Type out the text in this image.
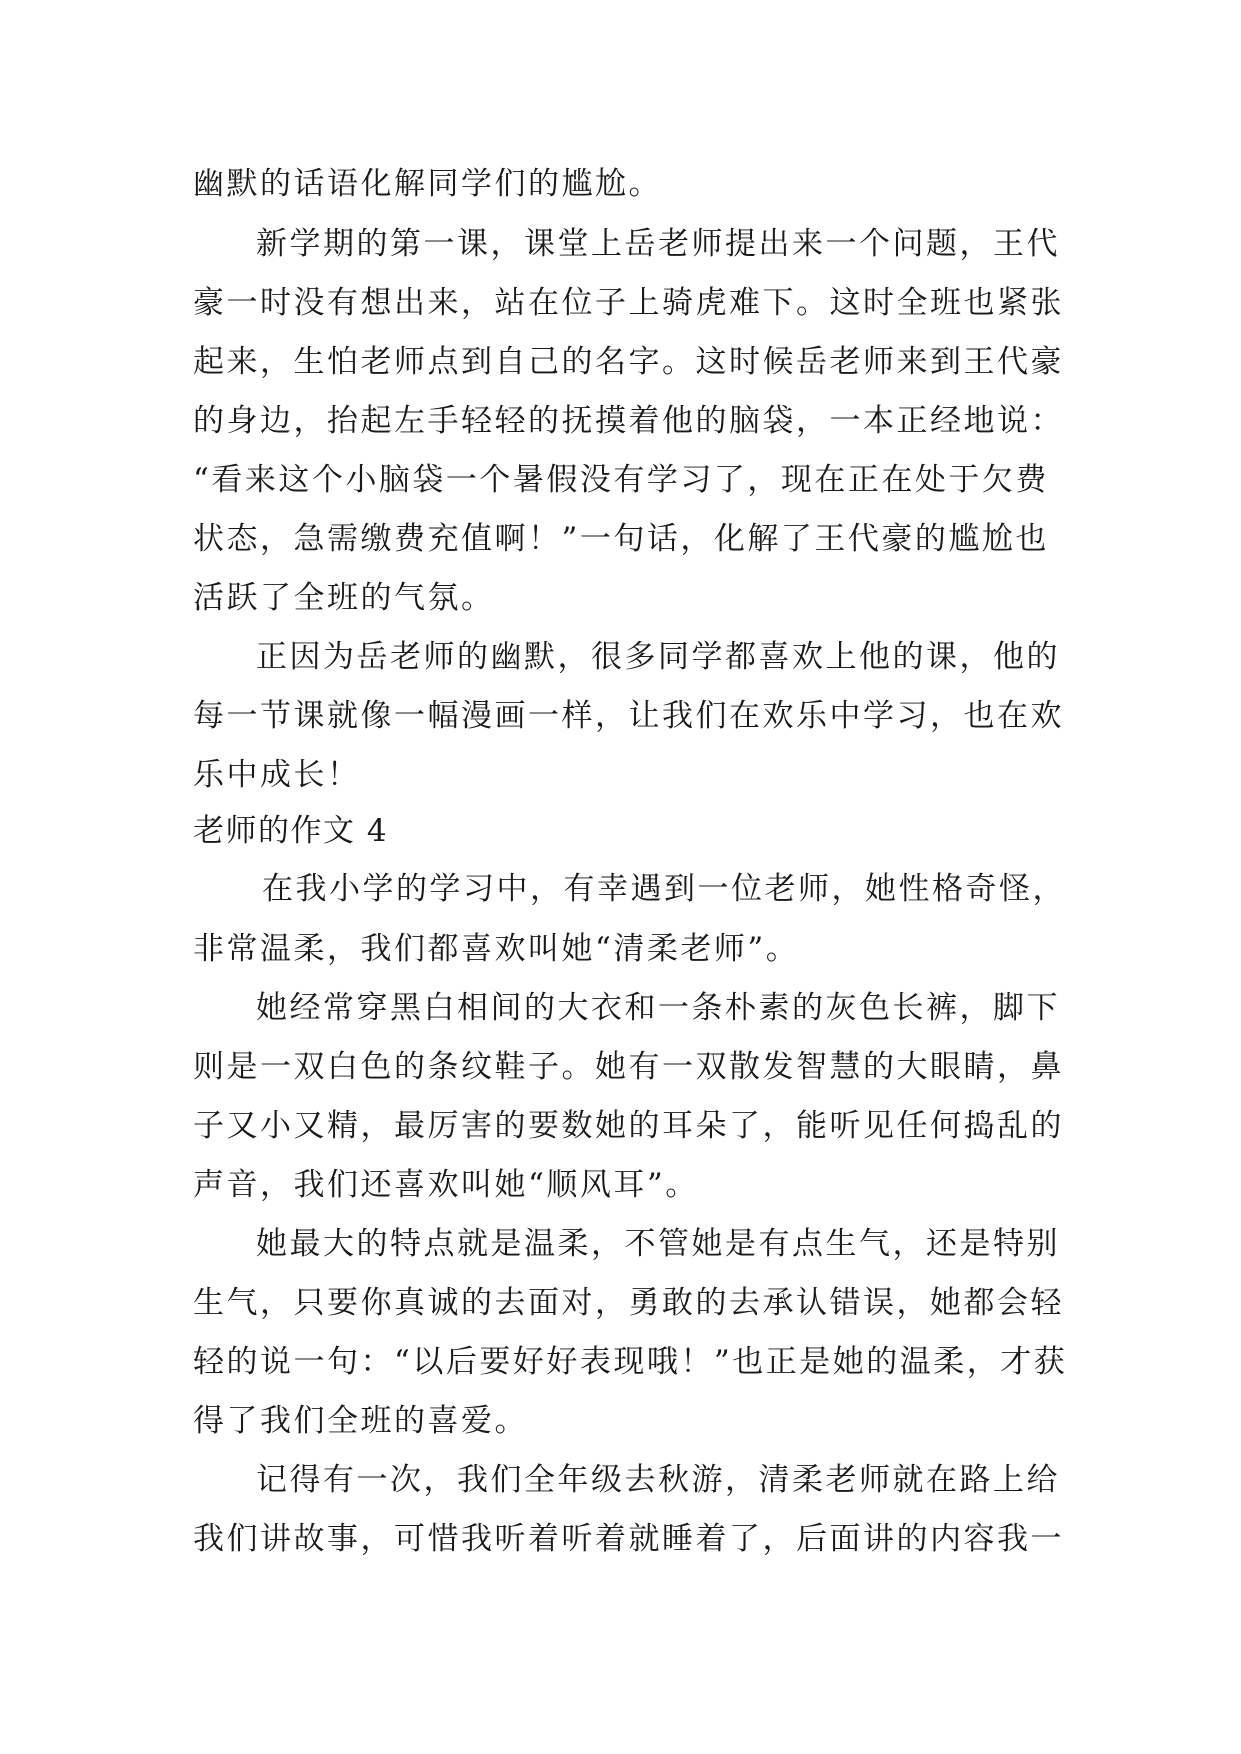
幽默的话语化解同学们的尴尬。
新学期的第一课，课堂上岳老师提出来一个问题，王代
豪一时没有想出来，站在位子上骑虎难下。这时全班也紧张
起来，生怕老师点到自己的名字。这时候岳老师来到王代豪
的身边，抬起左手轻轻的抚摸着他的脑袋，一本正经地说：
“看来这个小脑袋一个暑假没有学习了，现在正在处于欠费
状态，急需缴费充值啊！”一句话，化解了王代豪的尴尬也
活跃了全班的气氛。
正因为岳老师的幽默，很多同学都喜欢上他的课，他的
每一节课就像一幅漫画一样，让我们在欢乐中学习，也在欢
乐中成长！
老师的作文 4
在我小学的学习中，有幸遇到一位老师，她性格奇怪，
非常温柔，我们都喜欢叫她“清柔老师”。
她经常穿黑白相间的大衣和一条朴素的灰色长裤，脚下
则是一双白色的条纹鞋子。她有一双散发智慧的大眼睛，鼻
子又小又精，最厉害的要数她的耳朵了，能听见任何捣乱的
声音，我们还喜欢叫她“顺风耳”。
她最大的特点就是温柔，不管她是有点生气，还是特别
生气，只要你真诚的去面对，勇敢的去承认错误，她都会轻
轻的说一句：“以后要好好表现哦！”也正是她的温柔，才获
得了我们全班的喜爱。
记得有一次，我们全年级去秋游，清柔老师就在路上给
我们讲故事，可惜我听着听着就睡着了，后面讲的内容我一
